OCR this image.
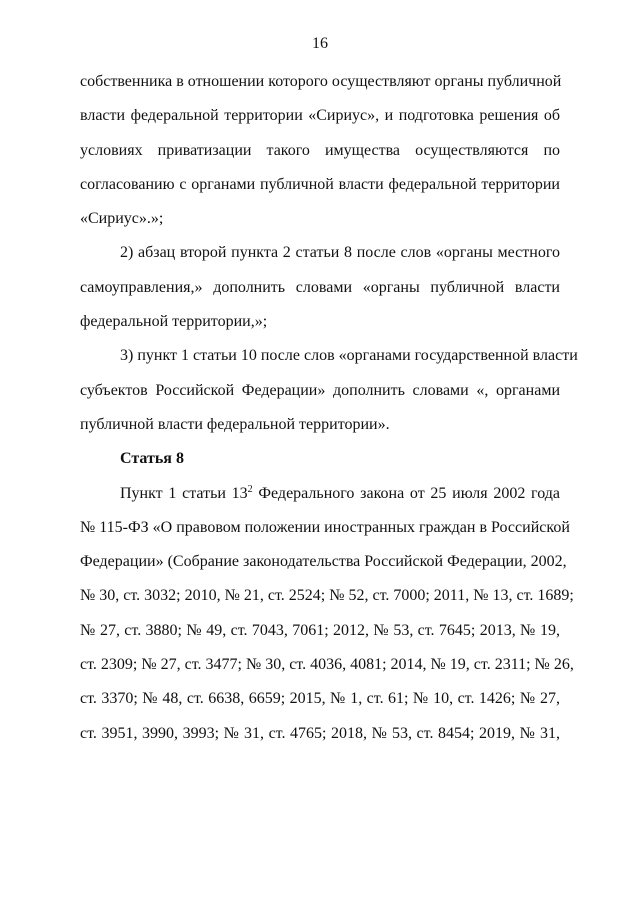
16

собственника в отношении которого осуществляют органы публичной
власти федеральной территории «Сириус», и подготовка решения об
условиях приватизации такого имущества осуществляются по
согласованию с органами публичной власти федеральной территории
«Сириус».»;

2) абзац второй пункта 2 статьи 8 после слов «органы местного
самоуправления,» дополнить словами «органы публичной власти
федеральной территории,»;

3) пункт 1 статьи 10 после слов «органами государственной власти
субъектов Российской Федерации» дополнить словами «, органами
публичной власти федеральной территории».

Статья 8

Пункт 1 статьи $13^2$ Федерального закона от 25 июля 2002 года
№ 115-ФЗ «О правовом положении иностранных граждан в Российской
Федерации» (Собрание законодательства Российской Федерации, 2002,
№ 30, ст. 3032; 2010, № 21, ст. 2524; № 52, ст. 7000; 2011, № 13, ст. 1689;
№ 27, ст. 3880; № 49, ст. 7043, 7061; 2012, № 53, ст. 7645; 2013, № 19,
ст. 2309; № 27, ст. 3477; № 30, ст. 4036, 4081; 2014, № 19, ст. 2311; № 26,
ст. 3370; № 48, ст. 6638, 6659; 2015, № 1, ст. 61; № 10, ст. 1426; № 27,
ст. 3951, 3990, 3993; № 31, ст. 4765; 2018, № 53, ст. 8454; 2019, № 31,
